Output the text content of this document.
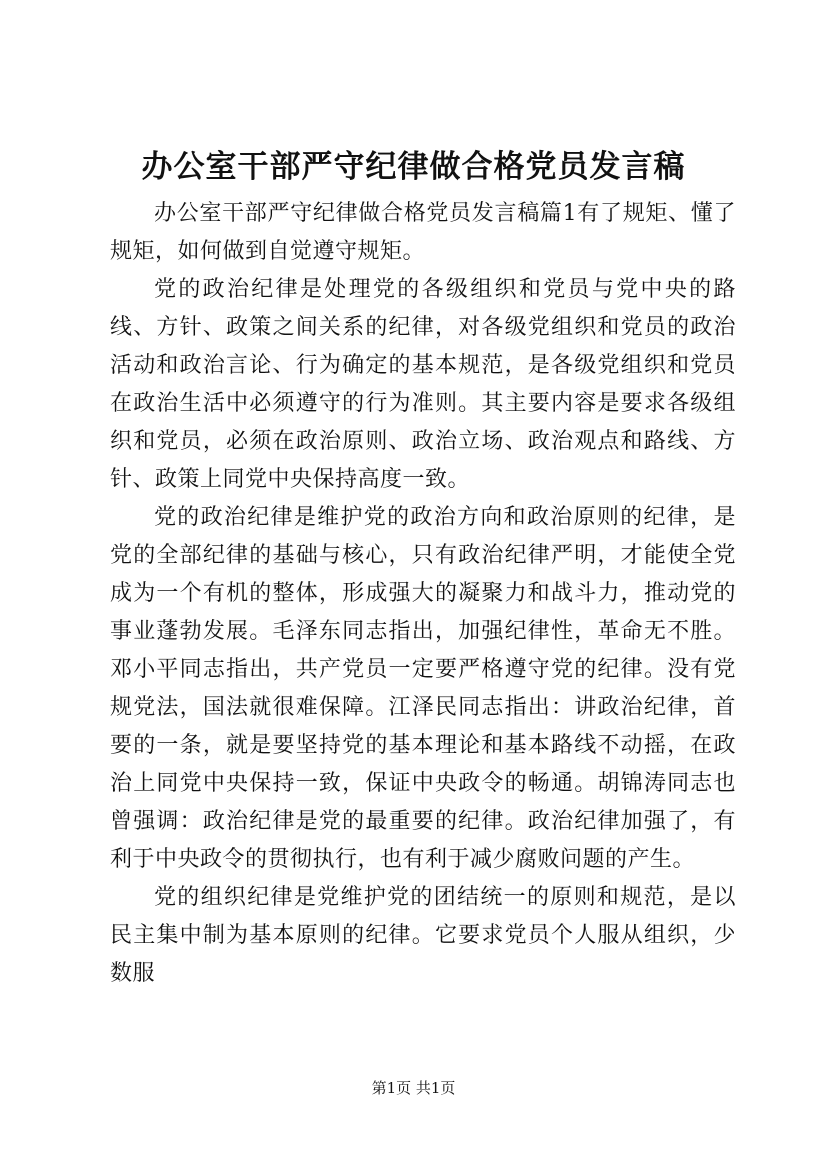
办公室干部严守纪律做合格党员发言稿

办公室干部严守纪律做合格党员发言稿篇1有了规矩、懂了规矩，如何做到自觉遵守规矩。

党的政治纪律是处理党的各级组织和党员与党中央的路线、方针、政策之间关系的纪律，对各级党组织和党员的政治活动和政治言论、行为确定的基本规范，是各级党组织和党员在政治生活中必须遵守的行为准则。其主要内容是要求各级组织和党员，必须在政治原则、政治立场、政治观点和路线、方针、政策上同党中央保持高度一致。

党的政治纪律是维护党的政治方向和政治原则的纪律，是党的全部纪律的基础与核心，只有政治纪律严明，才能使全党成为一个有机的整体，形成强大的凝聚力和战斗力，推动党的事业蓬勃发展。毛泽东同志指出，加强纪律性，革命无不胜。邓小平同志指出，共产党员一定要严格遵守党的纪律。没有党规党法，国法就很难保障。江泽民同志指出：讲政治纪律，首要的一条，就是要坚持党的基本理论和基本路线不动摇，在政治上同党中央保持一致，保证中央政令的畅通。胡锦涛同志也曾强调：政治纪律是党的最重要的纪律。政治纪律加强了，有利于中央政令的贯彻执行，也有利于减少腐败问题的产生。

党的组织纪律是党维护党的团结统一的原则和规范，是以民主集中制为基本原则的纪律。它要求党员个人服从组织，少数服

第1页 共1页
